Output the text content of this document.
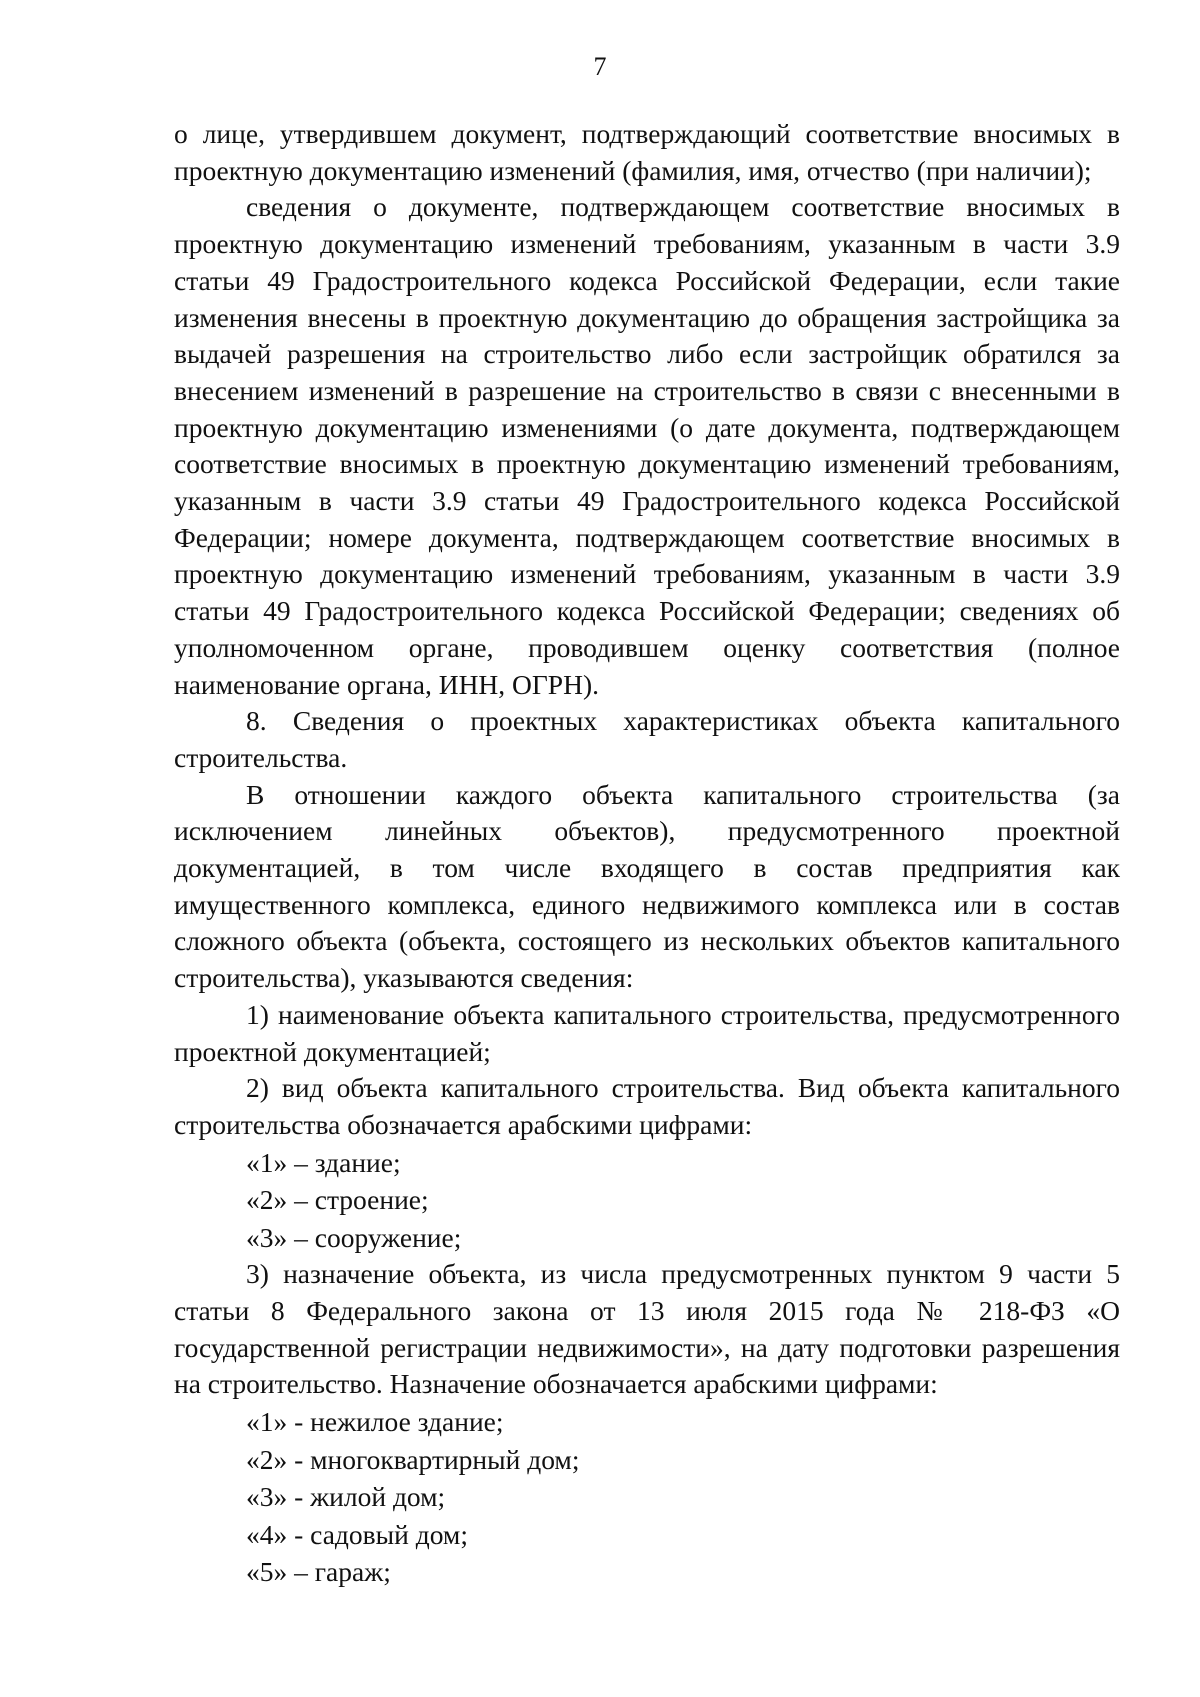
7

о лице, утвердившем документ, подтверждающий соответствие вносимых в проектную документацию изменений (фамилия, имя, отчество (при наличии);

сведения о документе, подтверждающем соответствие вносимых в проектную документацию изменений требованиям, указанным в части 3.9 статьи 49 Градостроительного кодекса Российской Федерации, если такие изменения внесены в проектную документацию до обращения застройщика за выдачей разрешения на строительство либо если застройщик обратился за внесением изменений в разрешение на строительство в связи с внесенными в проектную документацию изменениями (о дате документа, подтверждающем соответствие вносимых в проектную документацию изменений требованиям, указанным в части 3.9 статьи 49 Градостроительного кодекса Российской Федерации; номере документа, подтверждающем соответствие вносимых в проектную документацию изменений требованиям, указанным в части 3.9 статьи 49 Градостроительного кодекса Российской Федерации; сведениях об уполномоченном органе, проводившем оценку соответствия (полное наименование органа, ИНН, ОГРН).

8. Сведения о проектных характеристиках объекта капитального строительства.

В отношении каждого объекта капитального строительства (за исключением линейных объектов), предусмотренного проектной документацией, в том числе входящего в состав предприятия как имущественного комплекса, единого недвижимого комплекса или в состав сложного объекта (объекта, состоящего из нескольких объектов капитального строительства), указываются сведения:

1) наименование объекта капитального строительства, предусмотренного проектной документацией;

2) вид объекта капитального строительства. Вид объекта капитального строительства обозначается арабскими цифрами:

«1» – здание;

«2» – строение;

«3» – сооружение;

3) назначение объекта, из числа предусмотренных пунктом 9 части 5 статьи 8 Федерального закона от 13 июля 2015 года № 218-ФЗ «О государственной регистрации недвижимости», на дату подготовки разрешения на строительство. Назначение обозначается арабскими цифрами:

«1» - нежилое здание;

«2» - многоквартирный дом;

«3» - жилой дом;

«4» - садовый дом;

«5» – гараж;
